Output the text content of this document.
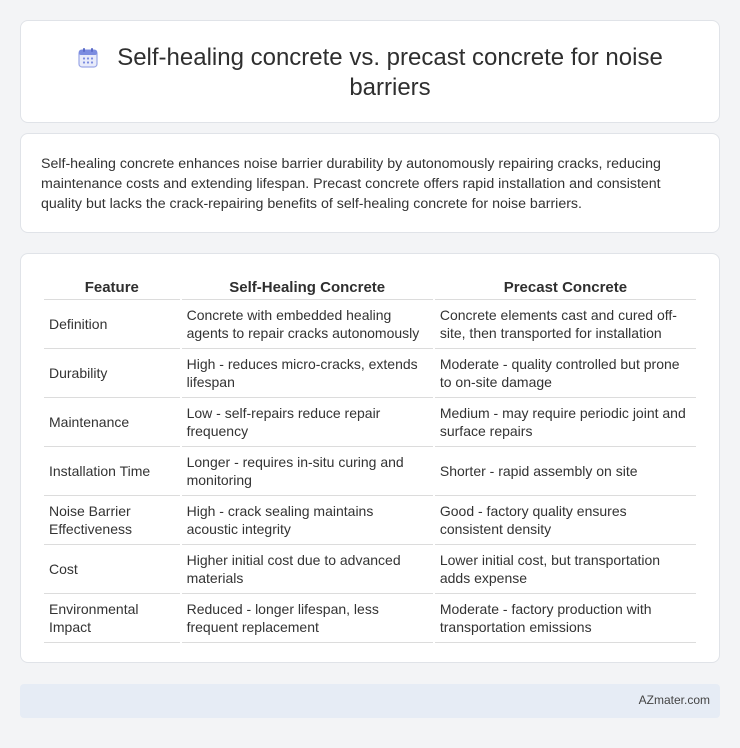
Self-healing concrete vs. precast concrete for noise barriers

Self-healing concrete enhances noise barrier durability by autonomously repairing cracks, reducing maintenance costs and extending lifespan. Precast concrete offers rapid installation and consistent quality but lacks the crack-repairing benefits of self-healing concrete for noise barriers.

Feature	Self-Healing Concrete	Precast Concrete
Definition	Concrete with embedded healing agents to repair cracks autonomously	Concrete elements cast and cured off-site, then transported for installation
Durability	High - reduces micro-cracks, extends lifespan	Moderate - quality controlled but prone to on-site damage
Maintenance	Low - self-repairs reduce repair frequency	Medium - may require periodic joint and surface repairs
Installation Time	Longer - requires in-situ curing and monitoring	Shorter - rapid assembly on site
Noise Barrier Effectiveness	High - crack sealing maintains acoustic integrity	Good - factory quality ensures consistent density
Cost	Higher initial cost due to advanced materials	Lower initial cost, but transportation adds expense
Environmental Impact	Reduced - longer lifespan, less frequent replacement	Moderate - factory production with transportation emissions
AZmater.com
